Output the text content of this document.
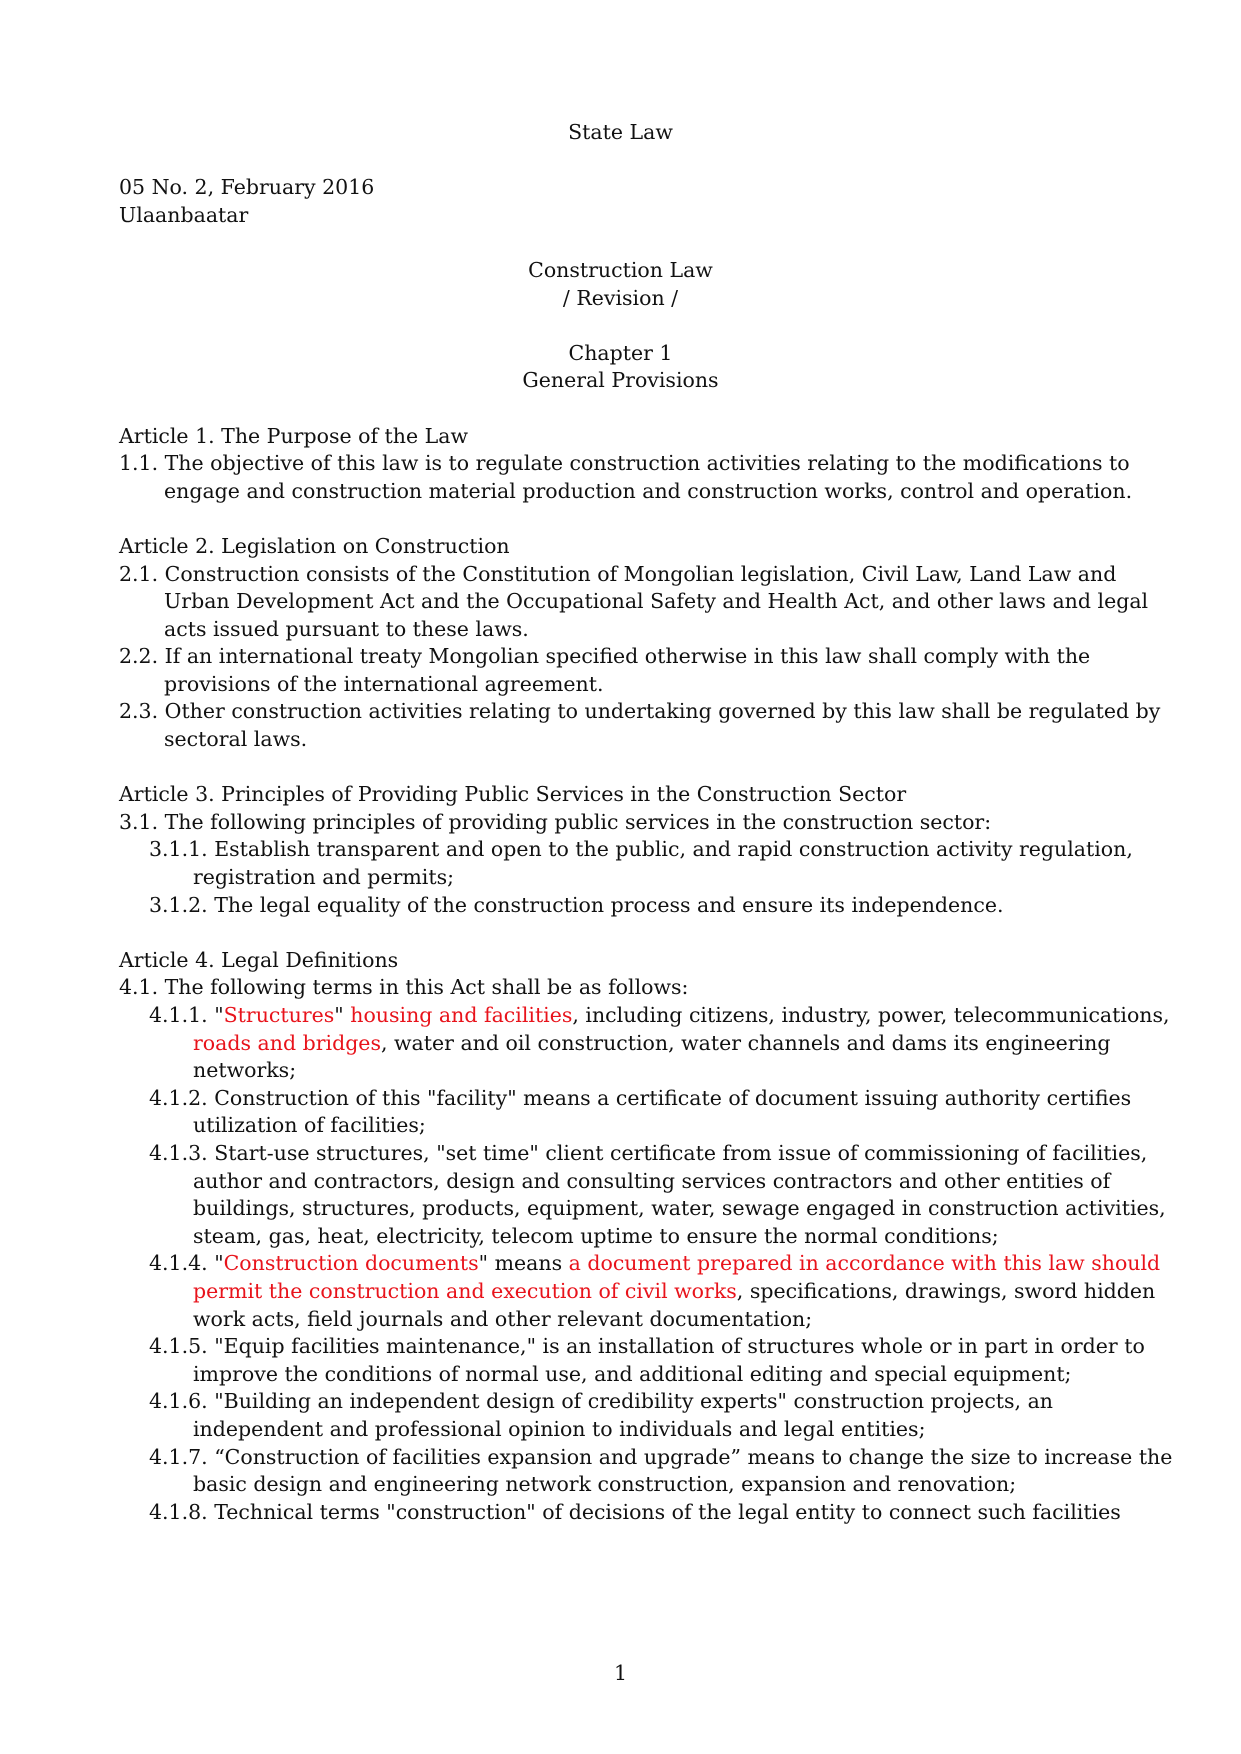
State Law
05 No. 2, February 2016
Ulaanbaatar
Construction Law
/ Revision /
Chapter 1
General Provisions
Article 1. The Purpose of the Law
1.1. The objective of this law is to regulate construction activities relating to the modifications to engage and construction material production and construction works, control and operation.
Article 2. Legislation on Construction
2.1. Construction consists of the Constitution of Mongolian legislation, Civil Law, Land Law and Urban Development Act and the Occupational Safety and Health Act, and other laws and legal acts issued pursuant to these laws.
2.2. If an international treaty Mongolian specified otherwise in this law shall comply with the provisions of the international agreement.
2.3. Other construction activities relating to undertaking governed by this law shall be regulated by sectoral laws.
Article 3. Principles of Providing Public Services in the Construction Sector
3.1. The following principles of providing public services in the construction sector:
3.1.1. Establish transparent and open to the public, and rapid construction activity regulation, registration and permits;
3.1.2. The legal equality of the construction process and ensure its independence.
Article 4. Legal Definitions
4.1. The following terms in this Act shall be as follows:
4.1.1. "Structures" housing and facilities, including citizens, industry, power, telecommunications, roads and bridges, water and oil construction, water channels and dams its engineering networks;
4.1.2. Construction of this "facility" means a certificate of document issuing authority certifies utilization of facilities;
4.1.3. Start-use structures, "set time" client certificate from issue of commissioning of facilities, author and contractors, design and consulting services contractors and other entities of buildings, structures, products, equipment, water, sewage engaged in construction activities, steam, gas, heat, electricity, telecom uptime to ensure the normal conditions;
4.1.4. "Construction documents" means a document prepared in accordance with this law should permit the construction and execution of civil works, specifications, drawings, sword hidden work acts, field journals and other relevant documentation;
4.1.5. "Equip facilities maintenance," is an installation of structures whole or in part in order to improve the conditions of normal use, and additional editing and special equipment;
4.1.6. "Building an independent design of credibility experts" construction projects, an independent and professional opinion to individuals and legal entities;
4.1.7. “Construction of facilities expansion and upgrade” means to change the size to increase the basic design and engineering network construction, expansion and renovation;
4.1.8. Technical terms "construction" of decisions of the legal entity to connect such facilities
1
